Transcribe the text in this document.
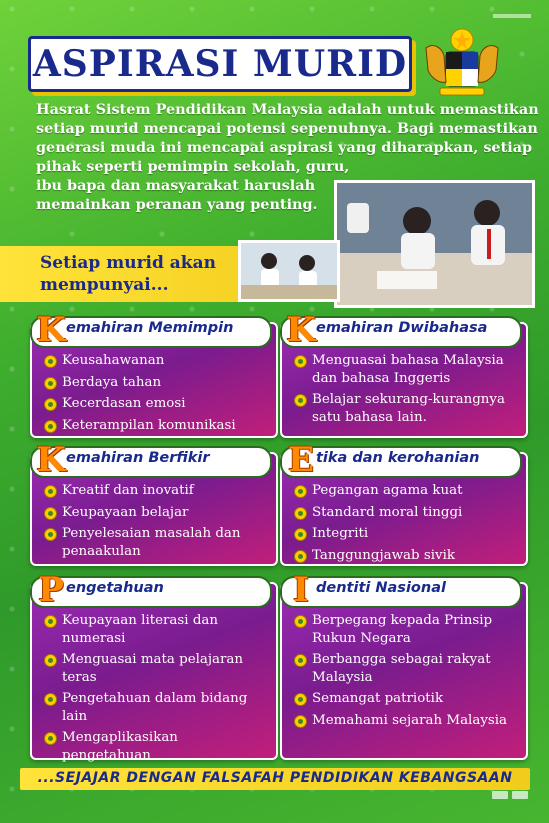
ASPIRASI MURID
Hasrat Sistem Pendidikan Malaysia adalah untuk memastikan
setiap murid mencapai potensi sepenuhnya. Bagi memastikan
generasi muda ini mencapai aspirasi yang diharapkan, setiap
pihak seperti pemimpin sekolah, guru,
ibu bapa dan masyarakat haruslah
memainkan peranan yang penting.
Setiap murid akan
mempunyai...
K emahiran Memimpin
Keusahawanan
Berdaya tahan
Kecerdasan emosi
Keterampilan komunikasi
K emahiran Dwibahasa
Menguasai bahasa Malaysia dan bahasa Inggeris
Belajar sekurang-kurangnya satu bahasa lain.
K emahiran Berfikir
Kreatif dan inovatif
Keupayaan belajar
Penyelesaian masalah dan penaakulan
E tika dan kerohanian
Pegangan agama kuat
Standard moral tinggi
Integriti
Tanggungjawab sivik
P engetahuan
Keupayaan literasi dan numerasi
Menguasai mata pelajaran teras
Pengetahuan dalam bidang lain
Mengaplikasikan pengetahuan
I dentiti Nasional
Berpegang kepada Prinsip Rukun Negara
Berbangga sebagai rakyat Malaysia
Semangat patriotik
Memahami sejarah Malaysia
...SEJAJAR DENGAN FALSAFAH PENDIDIKAN KEBANGSAAN
